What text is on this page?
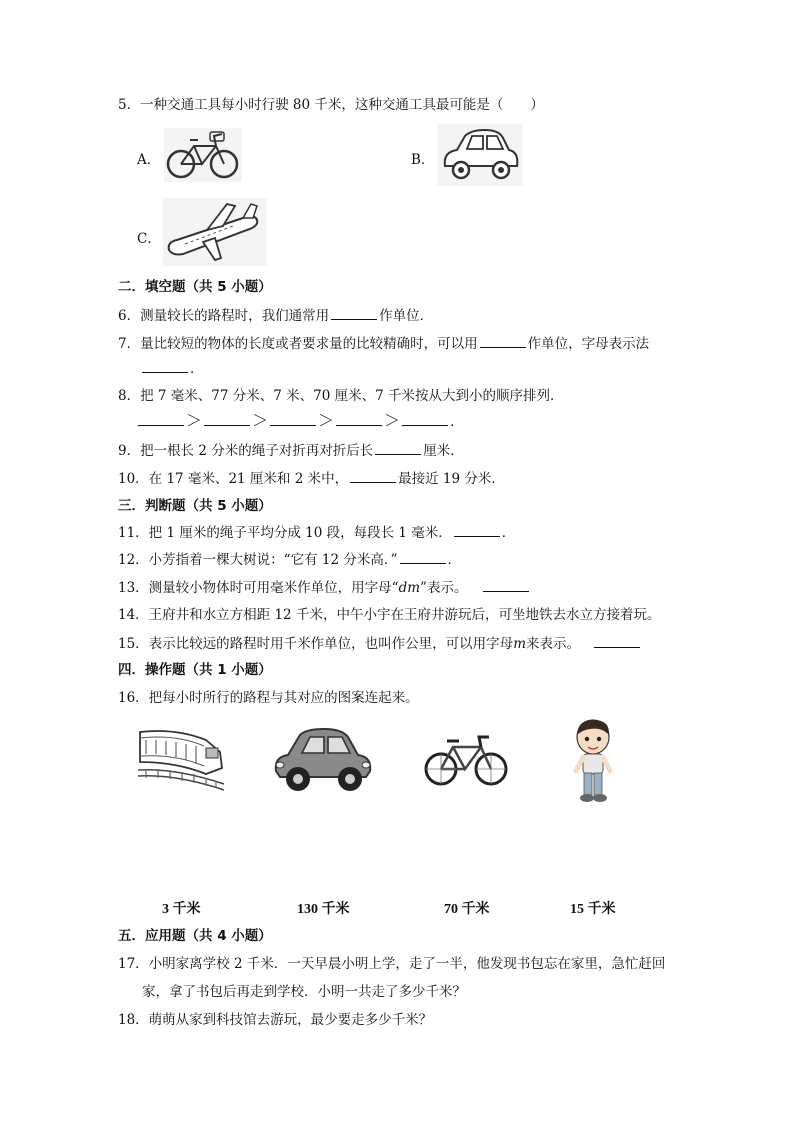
5．一种交通工具每小时行驶 80 千米，这种交通工具最可能是（　　）
A．	B．
C．
二．填空题（共 5 小题）
6．测量较长的路程时，我们通常用	作单位．
7．量比较短的物体的长度或者要求量的比较精确时，可以用	作单位，字母表示法
．
8．把 7 毫米、77 分米、7 米、70 厘米、7 千米按从大到小的顺序排列．
＞	＞	＞	＞	．
9．把一根长 2 分米的绳子对折再对折后长	厘米．
10．在 17 毫米、21 厘米和 2 米中，	最接近 19 分米．
三．判断题（共 5 小题）
11．把 1 厘米的绳子平均分成 10 段，每段长 1 毫米．	．
12．小芳指着一棵大树说：“它有 12 分米高．”	．
13．测量较小物体时可用毫米作单位，用字母“dm”表示。
14．王府井和水立方相距 12 千米，中午小宇在王府井游玩后，可坐地铁去水立方接着玩。
15．表示比较远的路程时用千米作单位，也叫作公里，可以用字母m来表示。
四．操作题（共 1 小题）
16．把每小时所行的路程与其对应的图案连起来。
3 千米	130 千米	70 千米	15 千米
五．应用题（共 4 小题）
17．小明家离学校 2 千米．一天早晨小明上学，走了一半，他发现书包忘在家里，急忙赶回
家，拿了书包后再走到学校．小明一共走了多少千米？
18．萌萌从家到科技馆去游玩，最少要走多少千米？
